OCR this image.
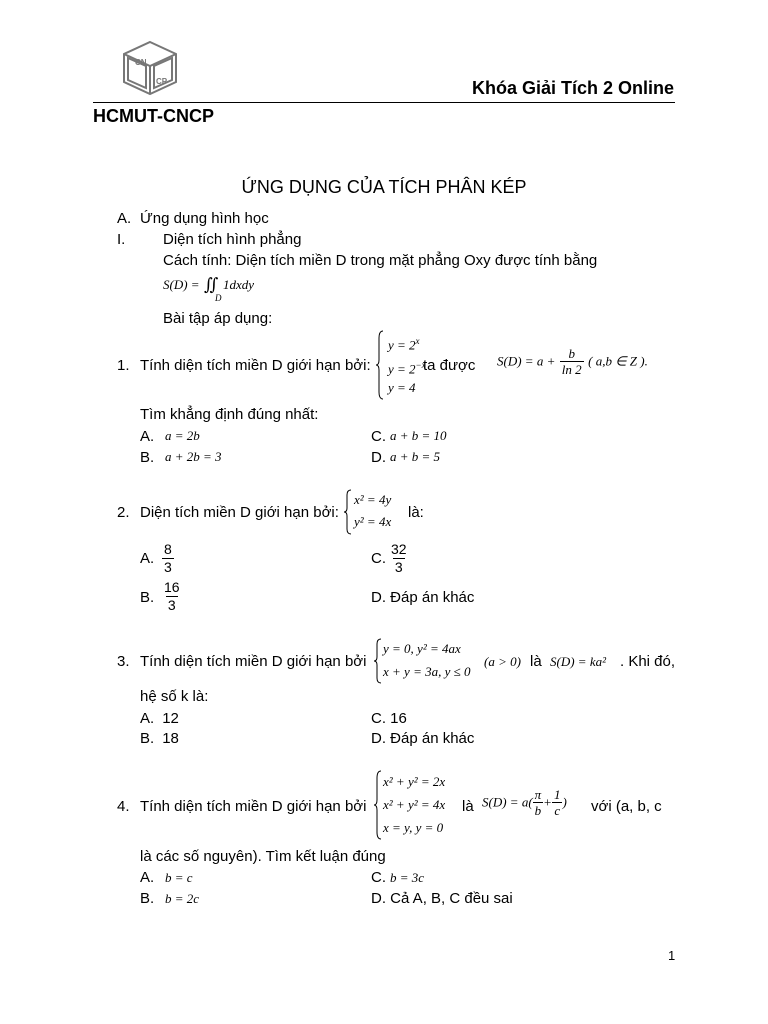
CN
CP	Khóa Giải Tích 2 Online
HCMUT-CNCP
ỨNG DỤNG CỦA TÍCH PHÂN KÉP
A. Ứng dụng hình học
I.	Diện tích hình phẳng
Cách tính: Diện tích miền D trong mặt phẳng Oxy được tính bằng
S(D) = ∬ 1dxdy
D
Bài tập áp dụng:
1. Tính diện tích miền D giới hạn bởi:
$y = 2^x$
$y = 2^{-x}$
y = 4
ta được $S(D) = a + \frac{b}{\ln 2}$ ( a,b ∈ Z ).
Tìm khẳng định đúng nhất:
A. a = 2b	C. a + b = 10
B. a + 2b = 3	D. a + b = 5
2. Diện tích miền D giới hạn bởi:
x² = 4y
y² = 4x
là:
A. $\frac{8}{3}$	C. $\frac{32}{3}$
B. $\frac{16}{3}$	D. Đáp án khác
3. Tính diện tích miền D giới hạn bởi
y = 0, y² = 4ax
x + y = 3a, y ≤ 0
(a > 0) là S(D) = ka² . Khi đó,
hệ số k là:
A. 12	C. 16
B. 18	D. Đáp án khác
4. Tính diện tích miền D giới hạn bởi
x² + y² = 2x
x² + y² = 4x
x = y, y = 0
là $S(D) = a( \frac{\pi}{b} + \frac{1}{c}$ ) với (a, b, c
là các số nguyên). Tìm kết luận đúng
A. b = c	C. b = 3c
B. b = 2c	D. Cả A, B, C đều sai
1
